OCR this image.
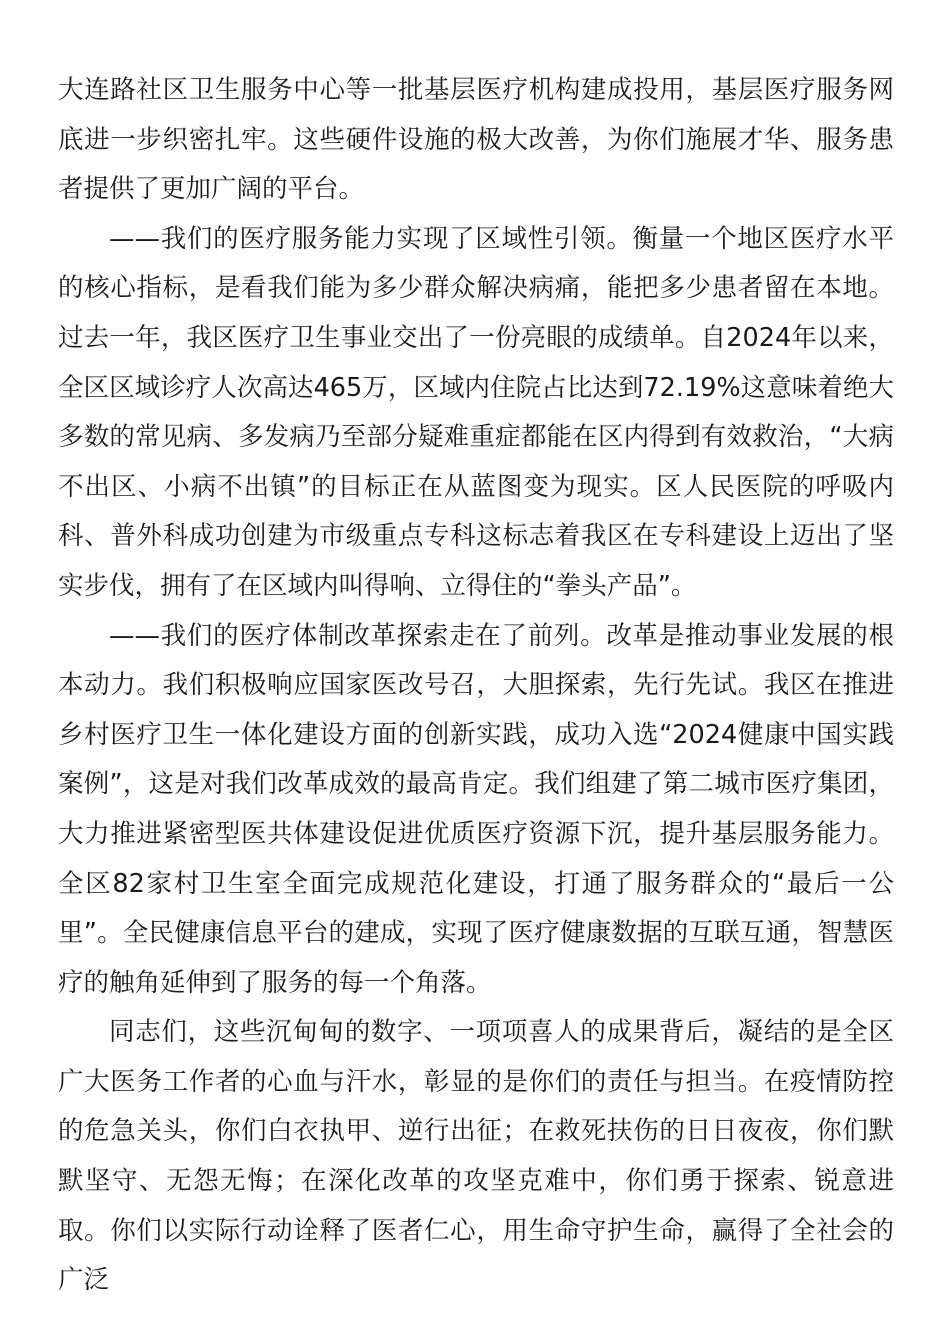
大连路社区卫生服务中心等一批基层医疗机构建成投用，基层医疗服务网底进一步织密扎牢。这些硬件设施的极大改善，为你们施展才华、服务患者提供了更加广阔的平台。

——我们的医疗服务能力实现了区域性引领。衡量一个地区医疗水平的核心指标，是看我们能为多少群众解决病痛，能把多少患者留在本地。过去一年，我区医疗卫生事业交出了一份亮眼的成绩单。自2024年以来，全区区域诊疗人次高达465万，区域内住院占比达到72.19%这意味着绝大多数的常见病、多发病乃至部分疑难重症都能在区内得到有效救治，“大病不出区、小病不出镇”的目标正在从蓝图变为现实。区人民医院的呼吸内科、普外科成功创建为市级重点专科这标志着我区在专科建设上迈出了坚实步伐，拥有了在区域内叫得响、立得住的“拳头产品”。

——我们的医疗体制改革探索走在了前列。改革是推动事业发展的根本动力。我们积极响应国家医改号召，大胆探索，先行先试。我区在推进乡村医疗卫生一体化建设方面的创新实践，成功入选“2024健康中国实践案例”，这是对我们改革成效的最高肯定。我们组建了第二城市医疗集团，大力推进紧密型医共体建设促进优质医疗资源下沉，提升基层服务能力。全区82家村卫生室全面完成规范化建设，打通了服务群众的“最后一公里”。全民健康信息平台的建成，实现了医疗健康数据的互联互通，智慧医疗的触角延伸到了服务的每一个角落。

同志们，这些沉甸甸的数字、一项项喜人的成果背后，凝结的是全区广大医务工作者的心血与汗水，彰显的是你们的责任与担当。在疫情防控的危急关头，你们白衣执甲、逆行出征；在救死扶伤的日日夜夜，你们默默坚守、无怨无悔；在深化改革的攻坚克难中，你们勇于探索、锐意进取。你们以实际行动诠释了医者仁心，用生命守护生命，赢得了全社会的广泛
